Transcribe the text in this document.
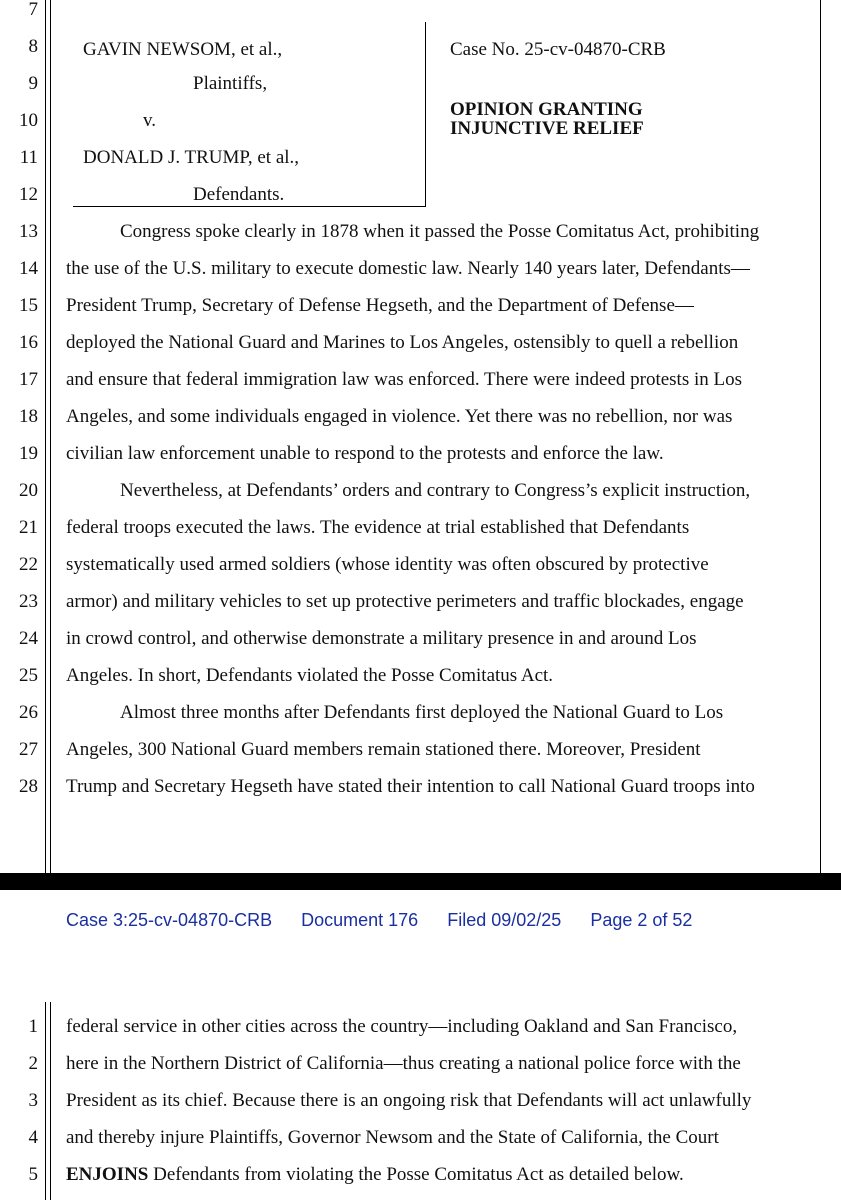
7
8
9
10
11
12
13
14
15
16
17
18
19
20
21
22
23
24
25
26
27
28
GAVIN NEWSOM, et al.,
Plaintiffs,
v.
DONALD J. TRUMP, et al.,
Defendants.
Case No. 25-cv-04870-CRB
OPINION GRANTING
INJUNCTIVE RELIEF
Congress spoke clearly in 1878 when it passed the Posse Comitatus Act, prohibiting
the use of the U.S. military to execute domestic law. Nearly 140 years later, Defendants—
President Trump, Secretary of Defense Hegseth, and the Department of Defense—
deployed the National Guard and Marines to Los Angeles, ostensibly to quell a rebellion
and ensure that federal immigration law was enforced. There were indeed protests in Los
Angeles, and some individuals engaged in violence. Yet there was no rebellion, nor was
civilian law enforcement unable to respond to the protests and enforce the law.
Nevertheless, at Defendants’ orders and contrary to Congress’s explicit instruction,
federal troops executed the laws. The evidence at trial established that Defendants
systematically used armed soldiers (whose identity was often obscured by protective
armor) and military vehicles to set up protective perimeters and traffic blockades, engage
in crowd control, and otherwise demonstrate a military presence in and around Los
Angeles. In short, Defendants violated the Posse Comitatus Act.
Almost three months after Defendants first deployed the National Guard to Los
Angeles, 300 National Guard members remain stationed there. Moreover, President
Trump and Secretary Hegseth have stated their intention to call National Guard troops into
Case 3:25-cv-04870-CRB Document 176 Filed 09/02/25 Page 2 of 52
1
2
3
4
5
federal service in other cities across the country—including Oakland and San Francisco,
here in the Northern District of California—thus creating a national police force with the
President as its chief. Because there is an ongoing risk that Defendants will act unlawfully
and thereby injure Plaintiffs, Governor Newsom and the State of California, the Court
ENJOINS Defendants from violating the Posse Comitatus Act as detailed below.
